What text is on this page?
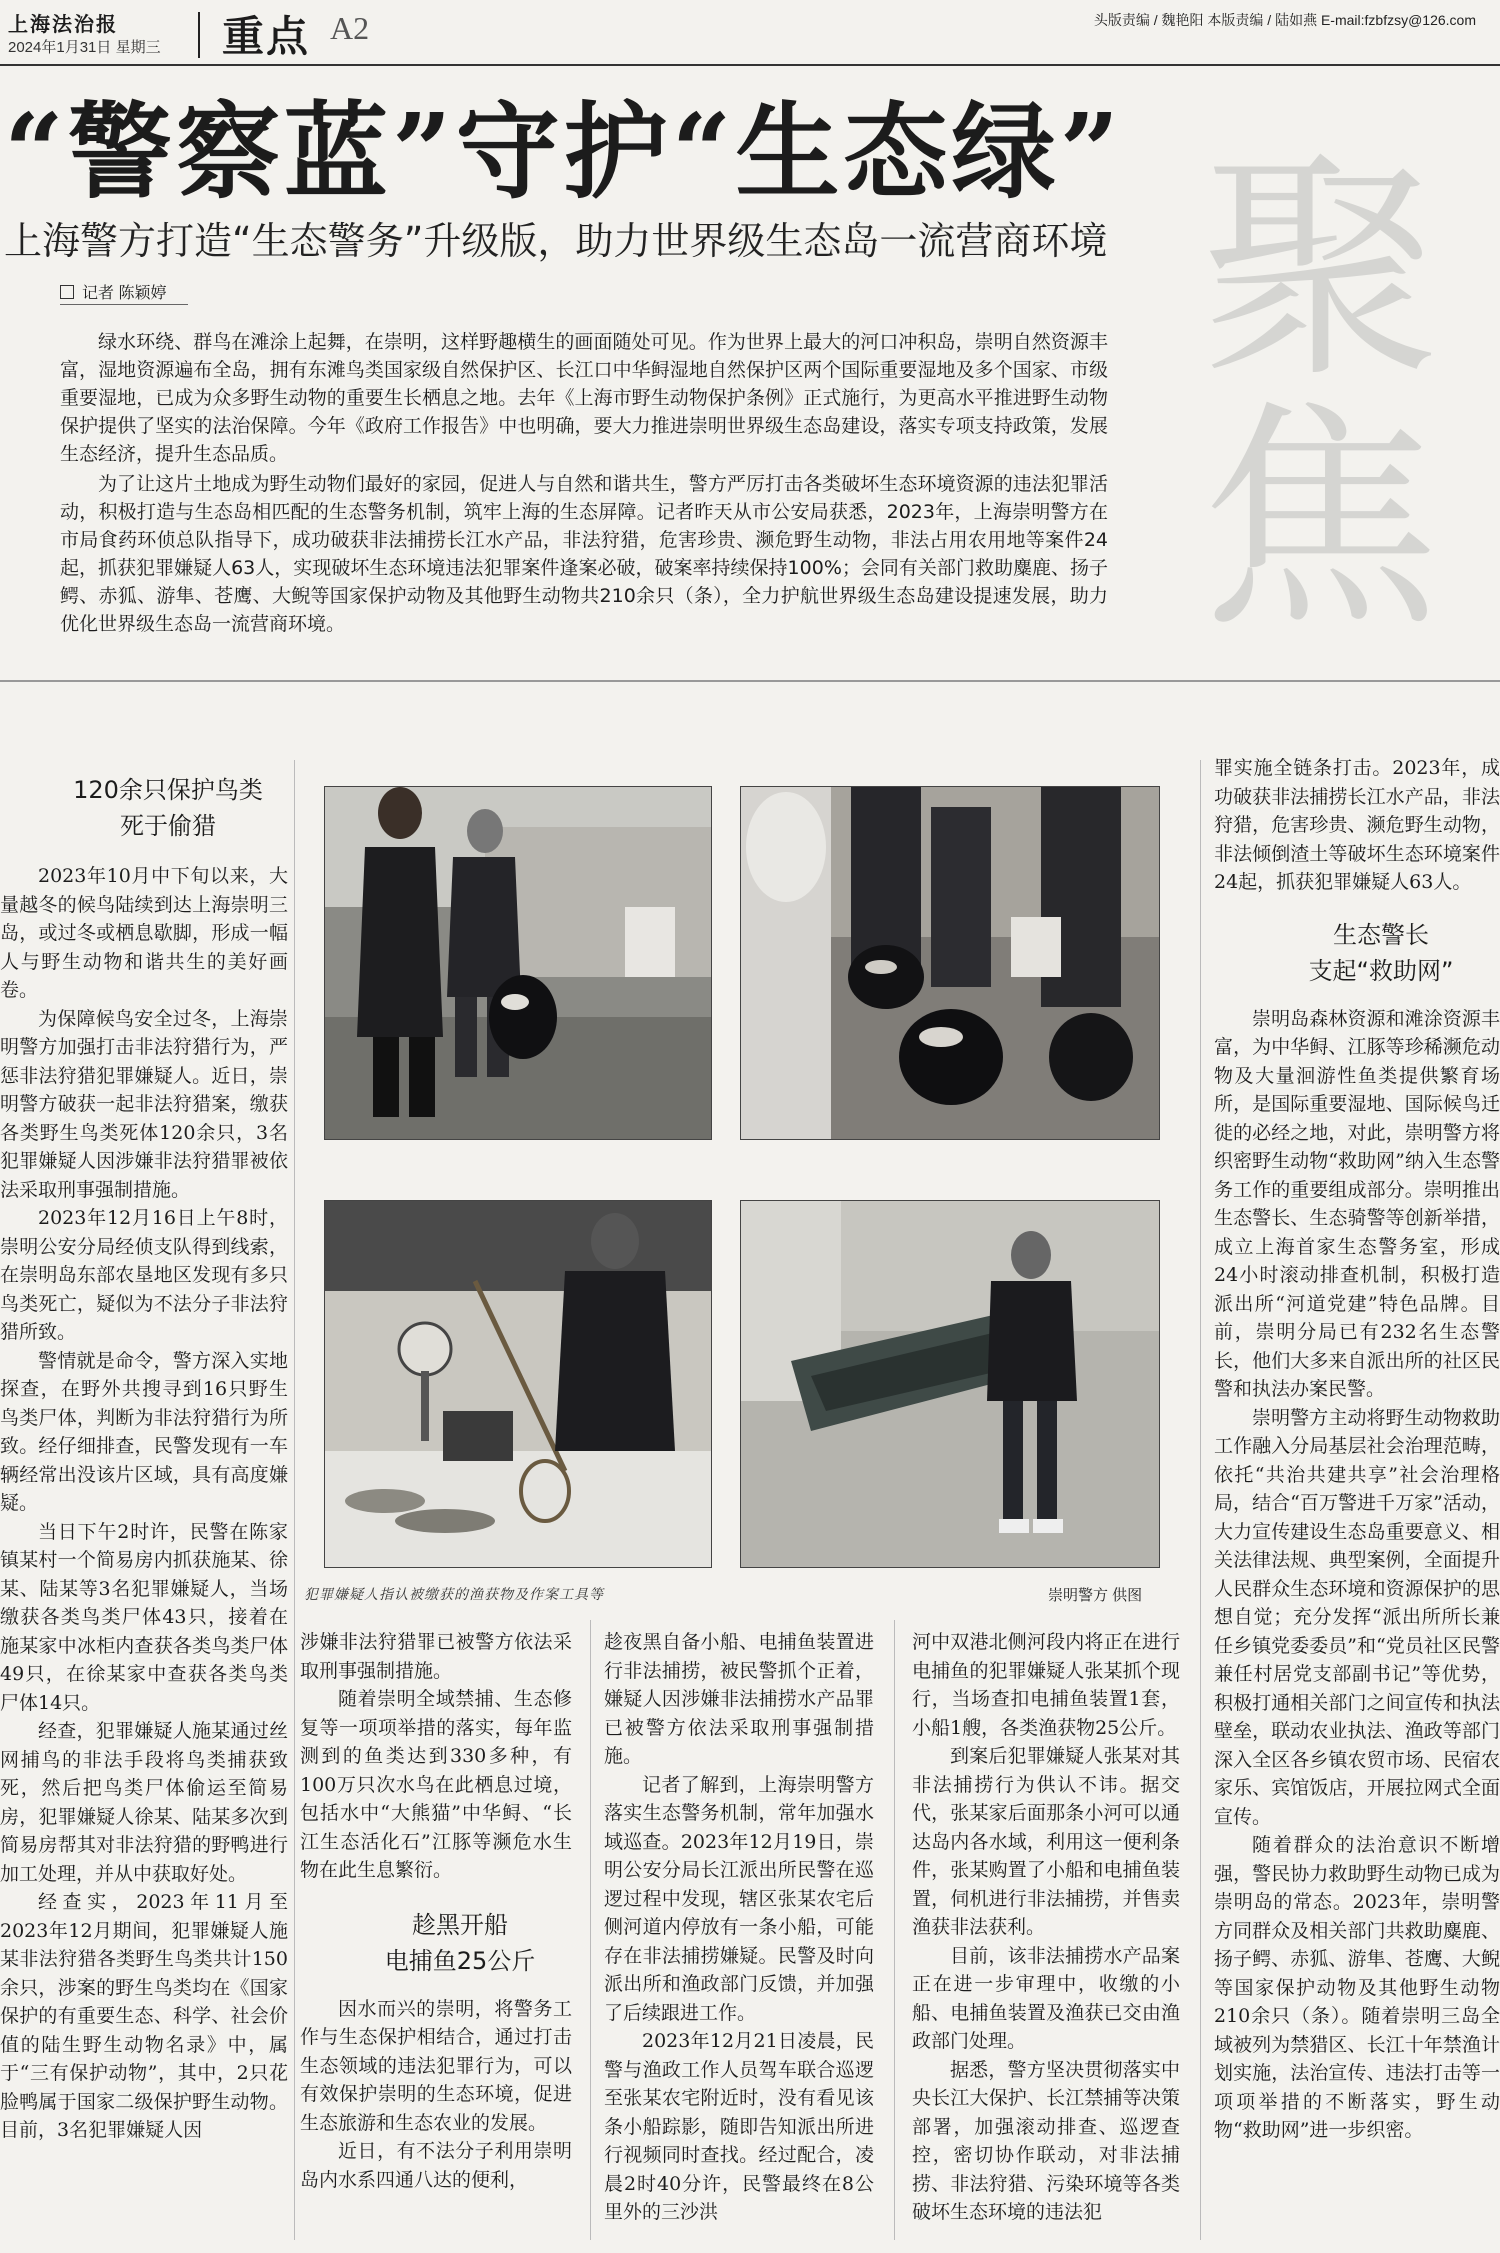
上海法治报
2024年1月31日 星期三 重点 A2	头版责编 / 魏艳阳 本版责编 / 陆如燕 E-mail:fzbfzsy@126.com
“警察蓝”守护“生态绿”
上海警方打造“生态警务”升级版，助力世界级生态岛一流营商环境
记者 陈颖婷	聚
焦

绿水环绕、群鸟在滩涂上起舞，在崇明，这样野趣横生的画面随处可见。作为世界上最大的河口冲积岛，崇明自然资源丰富，湿地资源遍布全岛，拥有东滩鸟类国家级自然保护区、长江口中华鲟湿地自然保护区两个国际重要湿地及多个国家、市级重要湿地，已成为众多野生动物的重要生长栖息之地。去年《上海市野生动物保护条例》正式施行，为更高水平推进野生动物保护提供了坚实的法治保障。今年《政府工作报告》中也明确，要大力推进崇明世界级生态岛建设，落实专项支持政策，发展生态经济，提升生态品质。

为了让这片土地成为野生动物们最好的家园，促进人与自然和谐共生，警方严厉打击各类破坏生态环境资源的违法犯罪活动，积极打造与生态岛相匹配的生态警务机制，筑牢上海的生态屏障。记者昨天从市公安局获悉，2023年，上海崇明警方在市局食药环侦总队指导下，成功破获非法捕捞长江水产品，非法狩猎，危害珍贵、濒危野生动物，非法占用农用地等案件24起，抓获犯罪嫌疑人63人，实现破坏生态环境违法犯罪案件逢案必破，破案率持续保持100%；会同有关部门救助麋鹿、扬子鳄、赤狐、游隼、苍鹰、大鲵等国家保护动物及其他野生动物共210余只（条），全力护航世界级生态岛建设提速发展，助力优化世界级生态岛一流营商环境。

120余只保护鸟类

死于偷猎

2023年10月中下旬以来，大量越冬的候鸟陆续到达上海崇明三岛，或过冬或栖息歇脚，形成一幅人与野生动物和谐共生的美好画卷。

为保障候鸟安全过冬，上海崇明警方加强打击非法狩猎行为，严惩非法狩猎犯罪嫌疑人。近日，崇明警方破获一起非法狩猎案，缴获各类野生鸟类死体120余只，3名犯罪嫌疑人因涉嫌非法狩猎罪被依法采取刑事强制措施。

2023年12月16日上午8时，崇明公安分局经侦支队得到线索，在崇明岛东部农垦地区发现有多只鸟类死亡，疑似为不法分子非法狩猎所致。

警情就是命令，警方深入实地探查，在野外共搜寻到16只野生鸟类尸体，判断为非法狩猎行为所致。经仔细排查，民警发现有一车辆经常出没该片区域，具有高度嫌疑。

当日下午2时许，民警在陈家镇某村一个简易房内抓获施某、徐某、陆某等3名犯罪嫌疑人，当场缴获各类鸟类尸体43只，接着在施某家中冰柜内查获各类鸟类尸体49只，在徐某家中查获各类鸟类尸体14只。

经查，犯罪嫌疑人施某通过丝网捕鸟的非法手段将鸟类捕获致死，然后把鸟类尸体偷运至简易房，犯罪嫌疑人徐某、陆某多次到简易房帮其对非法狩猎的野鸭进行加工处理，并从中获取好处。

经查实，2023年11月至2023年12月期间，犯罪嫌疑人施某非法狩猎各类野生鸟类共计150余只，涉案的野生鸟类均在《国家保护的有重要生态、科学、社会价值的陆生野生动物名录》中，属于“三有保护动物”，其中，2只花脸鸭属于国家二级保护野生动物。目前，3名犯罪嫌疑人因

犯罪嫌疑人指认被缴获的渔获物及作案工具等	崇明警方 供图

涉嫌非法狩猎罪已被警方依法采取刑事强制措施。

随着崇明全域禁捕、生态修复等一项项举措的落实，每年监测到的鱼类达到330多种，有100万只次水鸟在此栖息过境，包括水中“大熊猫”中华鲟、“长江生态活化石”江豚等濒危水生物在此生息繁衍。

趁黑开船

电捕鱼25公斤

因水而兴的崇明，将警务工作与生态保护相结合，通过打击生态领域的违法犯罪行为，可以有效保护崇明的生态环境，促进生态旅游和生态农业的发展。

近日，有不法分子利用崇明岛内水系四通八达的便利，

趁夜黑自备小船、电捕鱼装置进行非法捕捞，被民警抓个正着，嫌疑人因涉嫌非法捕捞水产品罪已被警方依法采取刑事强制措施。

记者了解到，上海崇明警方落实生态警务机制，常年加强水域巡查。2023年12月19日，崇明公安分局长江派出所民警在巡逻过程中发现，辖区张某农宅后侧河道内停放有一条小船，可能存在非法捕捞嫌疑。民警及时向派出所和渔政部门反馈，并加强了后续跟进工作。

2023年12月21日凌晨，民警与渔政工作人员驾车联合巡逻至张某农宅附近时，没有看见该条小船踪影，随即告知派出所进行视频同时查找。经过配合，凌晨2时40分许，民警最终在8公里外的三沙洪

河中双港北侧河段内将正在进行电捕鱼的犯罪嫌疑人张某抓个现行，当场查扣电捕鱼装置1套，小船1艘，各类渔获物25公斤。

到案后犯罪嫌疑人张某对其非法捕捞行为供认不讳。据交代，张某家后面那条小河可以通达岛内各水域，利用这一便利条件，张某购置了小船和电捕鱼装置，伺机进行非法捕捞，并售卖渔获非法获利。

目前，该非法捕捞水产品案正在进一步审理中，收缴的小船、电捕鱼装置及渔获已交由渔政部门处理。

据悉，警方坚决贯彻落实中央长江大保护、长江禁捕等决策部署，加强滚动排查、巡逻查控，密切协作联动，对非法捕捞、非法狩猎、污染环境等各类破坏生态环境的违法犯

罪实施全链条打击。2023年，成功破获非法捕捞长江水产品，非法狩猎，危害珍贵、濒危野生动物，非法倾倒渣土等破坏生态环境案件24起，抓获犯罪嫌疑人63人。

生态警长

支起“救助网”

崇明岛森林资源和滩涂资源丰富，为中华鲟、江豚等珍稀濒危动物及大量洄游性鱼类提供繁育场所，是国际重要湿地、国际候鸟迁徙的必经之地，对此，崇明警方将织密野生动物“救助网”纳入生态警务工作的重要组成部分。崇明推出生态警长、生态骑警等创新举措，成立上海首家生态警务室，形成24小时滚动排查机制，积极打造派出所“河道党建”特色品牌。目前，崇明分局已有232名生态警长，他们大多来自派出所的社区民警和执法办案民警。

崇明警方主动将野生动物救助工作融入分局基层社会治理范畴，依托“共治共建共享”社会治理格局，结合“百万警进千万家”活动，大力宣传建设生态岛重要意义、相关法律法规、典型案例，全面提升人民群众生态环境和资源保护的思想自觉；充分发挥“派出所所长兼任乡镇党委委员”和“党员社区民警兼任村居党支部副书记”等优势，积极打通相关部门之间宣传和执法壁垒，联动农业执法、渔政等部门深入全区各乡镇农贸市场、民宿农家乐、宾馆饭店，开展拉网式全面宣传。

随着群众的法治意识不断增强，警民协力救助野生动物已成为崇明岛的常态。2023年，崇明警方同群众及相关部门共救助麋鹿、扬子鳄、赤狐、游隼、苍鹰、大鲵等国家保护动物及其他野生动物210余只（条）。随着崇明三岛全域被列为禁猎区、长江十年禁渔计划实施，法治宣传、违法打击等一项项举措的不断落实，野生动物“救助网”进一步织密。
